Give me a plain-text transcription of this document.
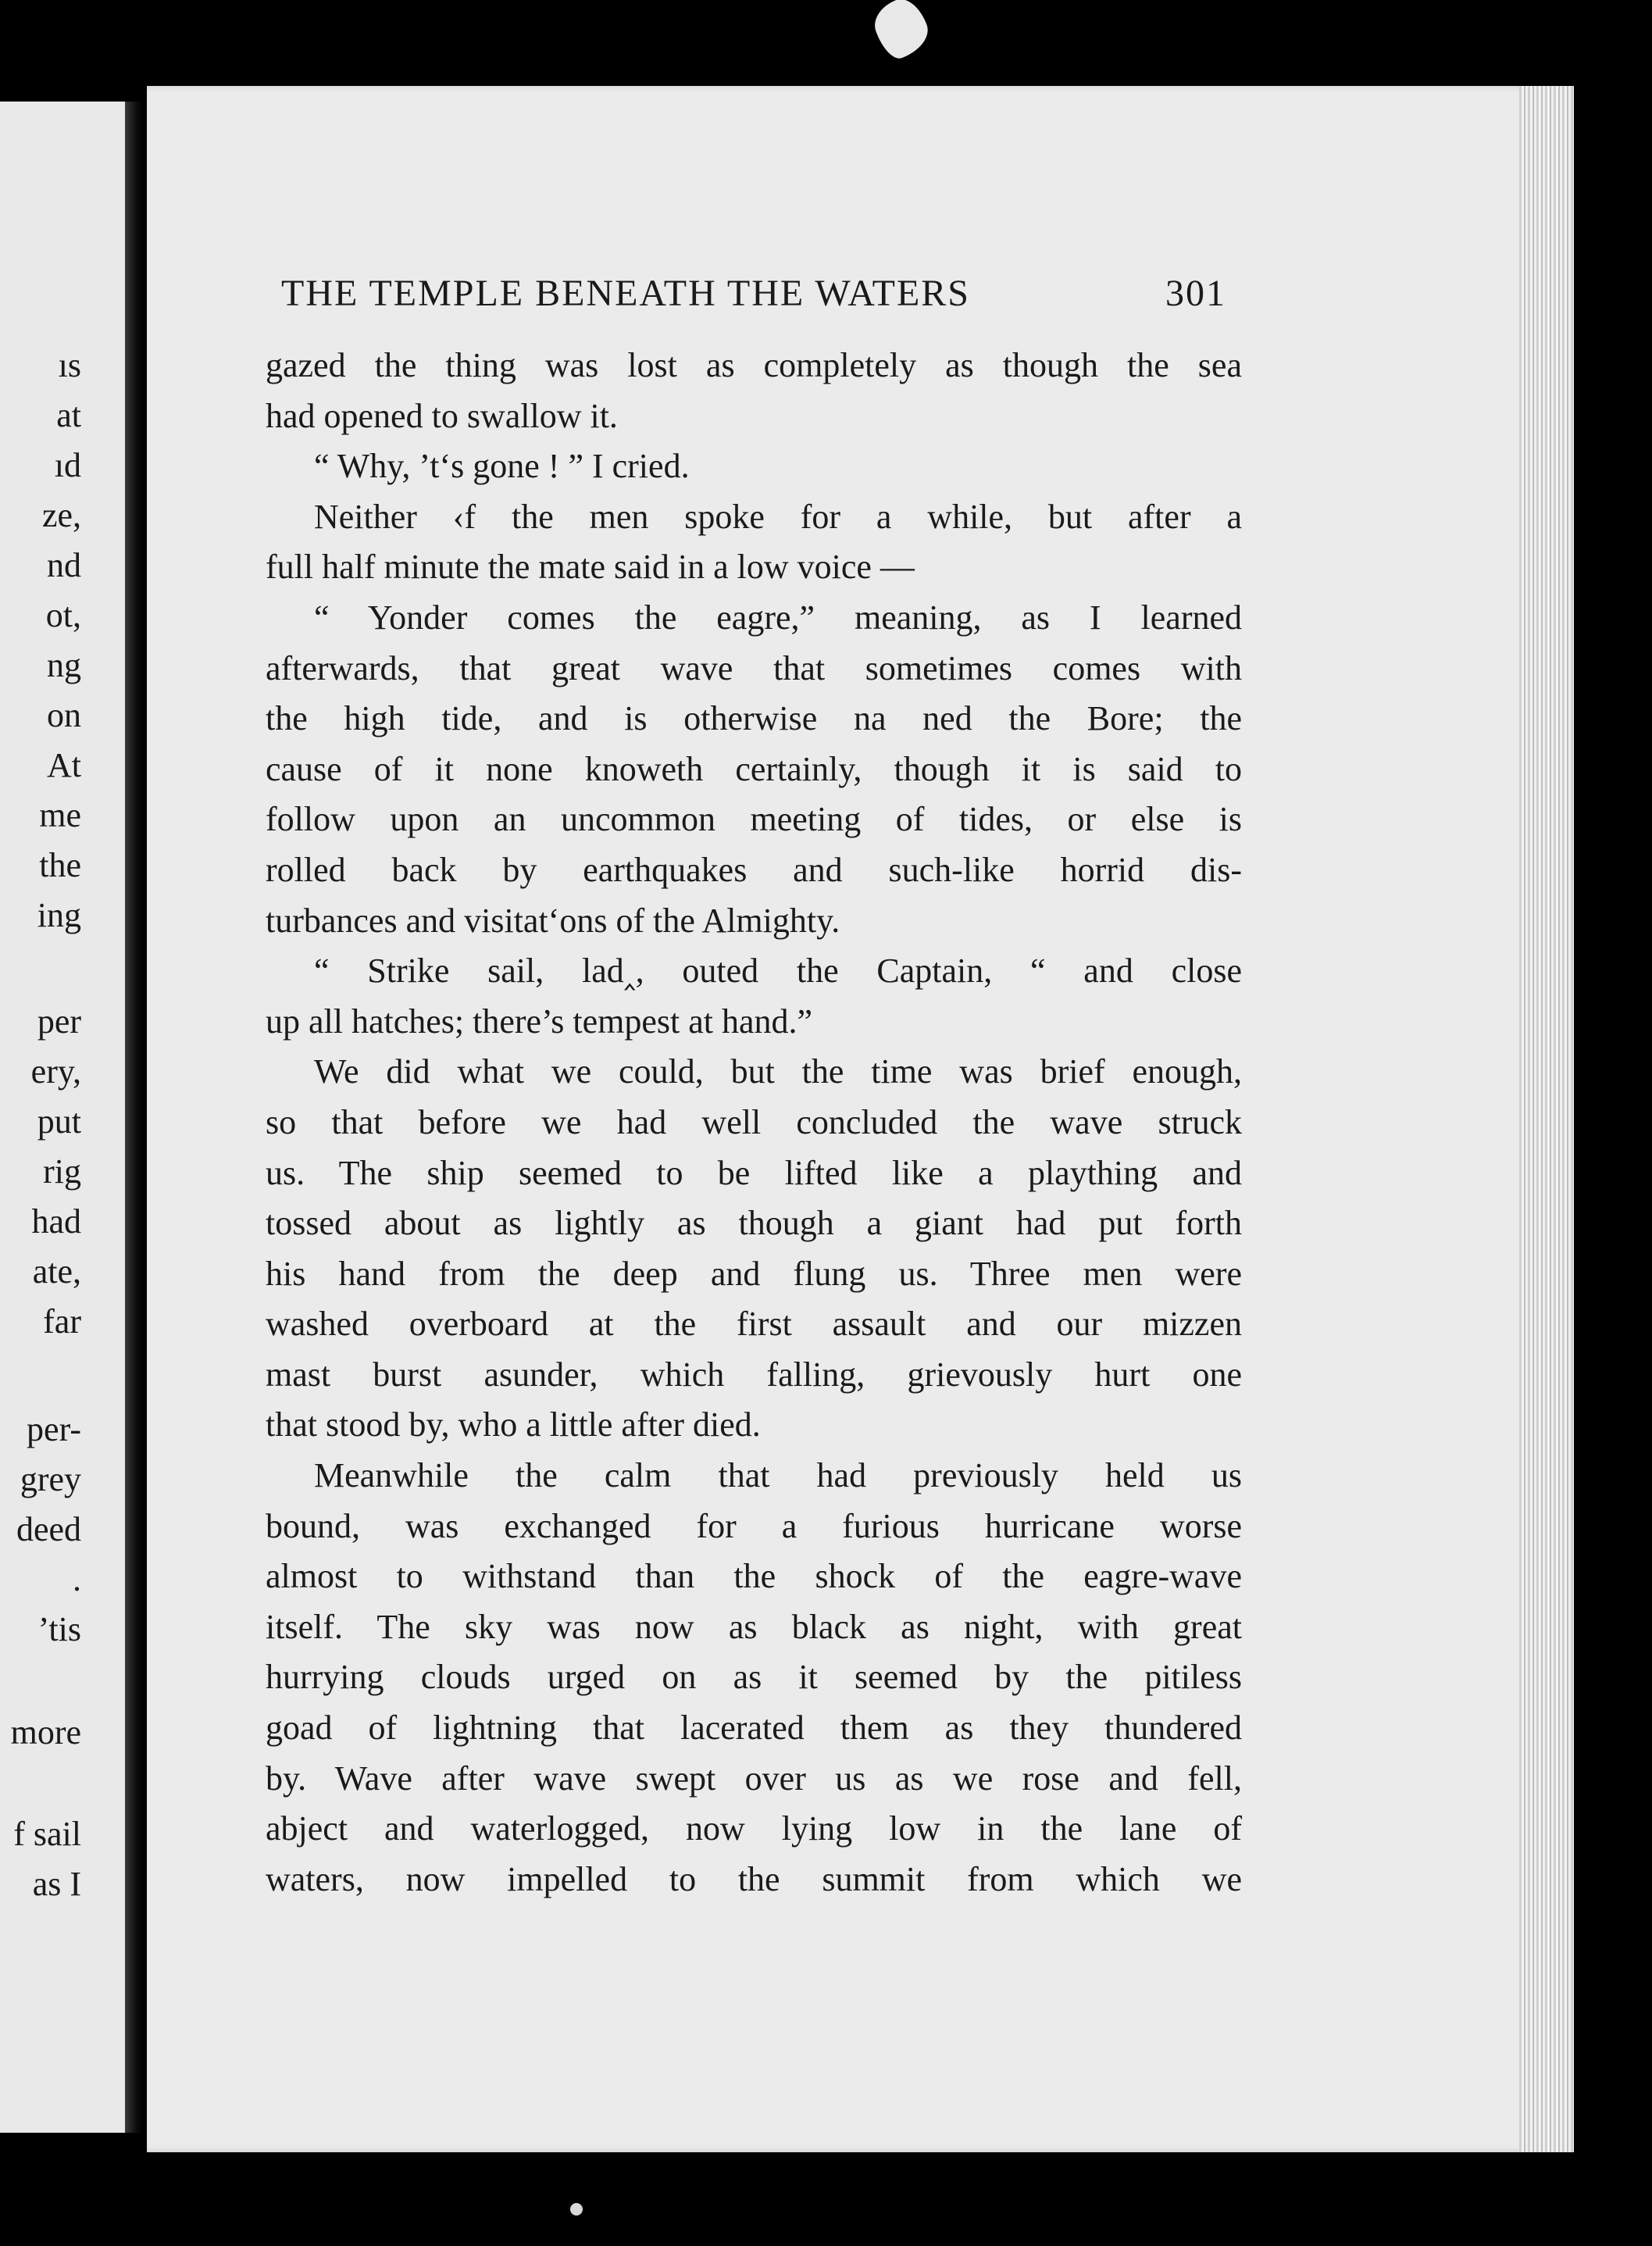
ıs
at
ıd
ze,
nd
ot,
ng
on
At
me
the
ing
per
ery,
put
rig
had
ate,
far
per-
grey
deed
.
’tis
more
f sail
as I
THE TEMPLE BENEATH THE WATERS	301
gazed the thing was lost as completely as though the sea
had opened to swallow it.
“ Why, ’t‘s gone ! ” I cried.
Neither ‹f the men spoke for a while, but after a
full half minute the mate said in a low voice —
“ Yonder comes the eagre,” meaning, as I learned
afterwards, that great wave that sometimes comes with
the high tide, and is otherwise na ned the Bore; the
cause of it none knoweth certainly, though it is said to
follow upon an uncommon meeting of tides, or else is
rolled back by earthquakes and such-like horrid dis-
turbances and visitat‘ons of the Almighty.
“ Strike sail, lad‸, outed the Captain, “ and close
up all hatches; there’s tempest at hand.”
We did what we could, but the time was brief enough,
so that before we had well concluded the wave struck
us. The ship seemed to be lifted like a plaything and
tossed about as lightly as though a giant had put forth
his hand from the deep and flung us. Three men were
washed overboard at the first assault and our mizzen
mast burst asunder, which falling, grievously hurt one
that stood by, who a little after died.
Meanwhile the calm that had previously held us
bound, was exchanged for a furious hurricane worse
almost to withstand than the shock of the eagre-wave
itself. The sky was now as black as night, with great
hurrying clouds urged on as it seemed by the pitiless
goad of lightning that lacerated them as they thundered
by. Wave after wave swept over us as we rose and fell,
abject and waterlogged, now lying low in the lane of
waters, now impelled to the summit from which we
